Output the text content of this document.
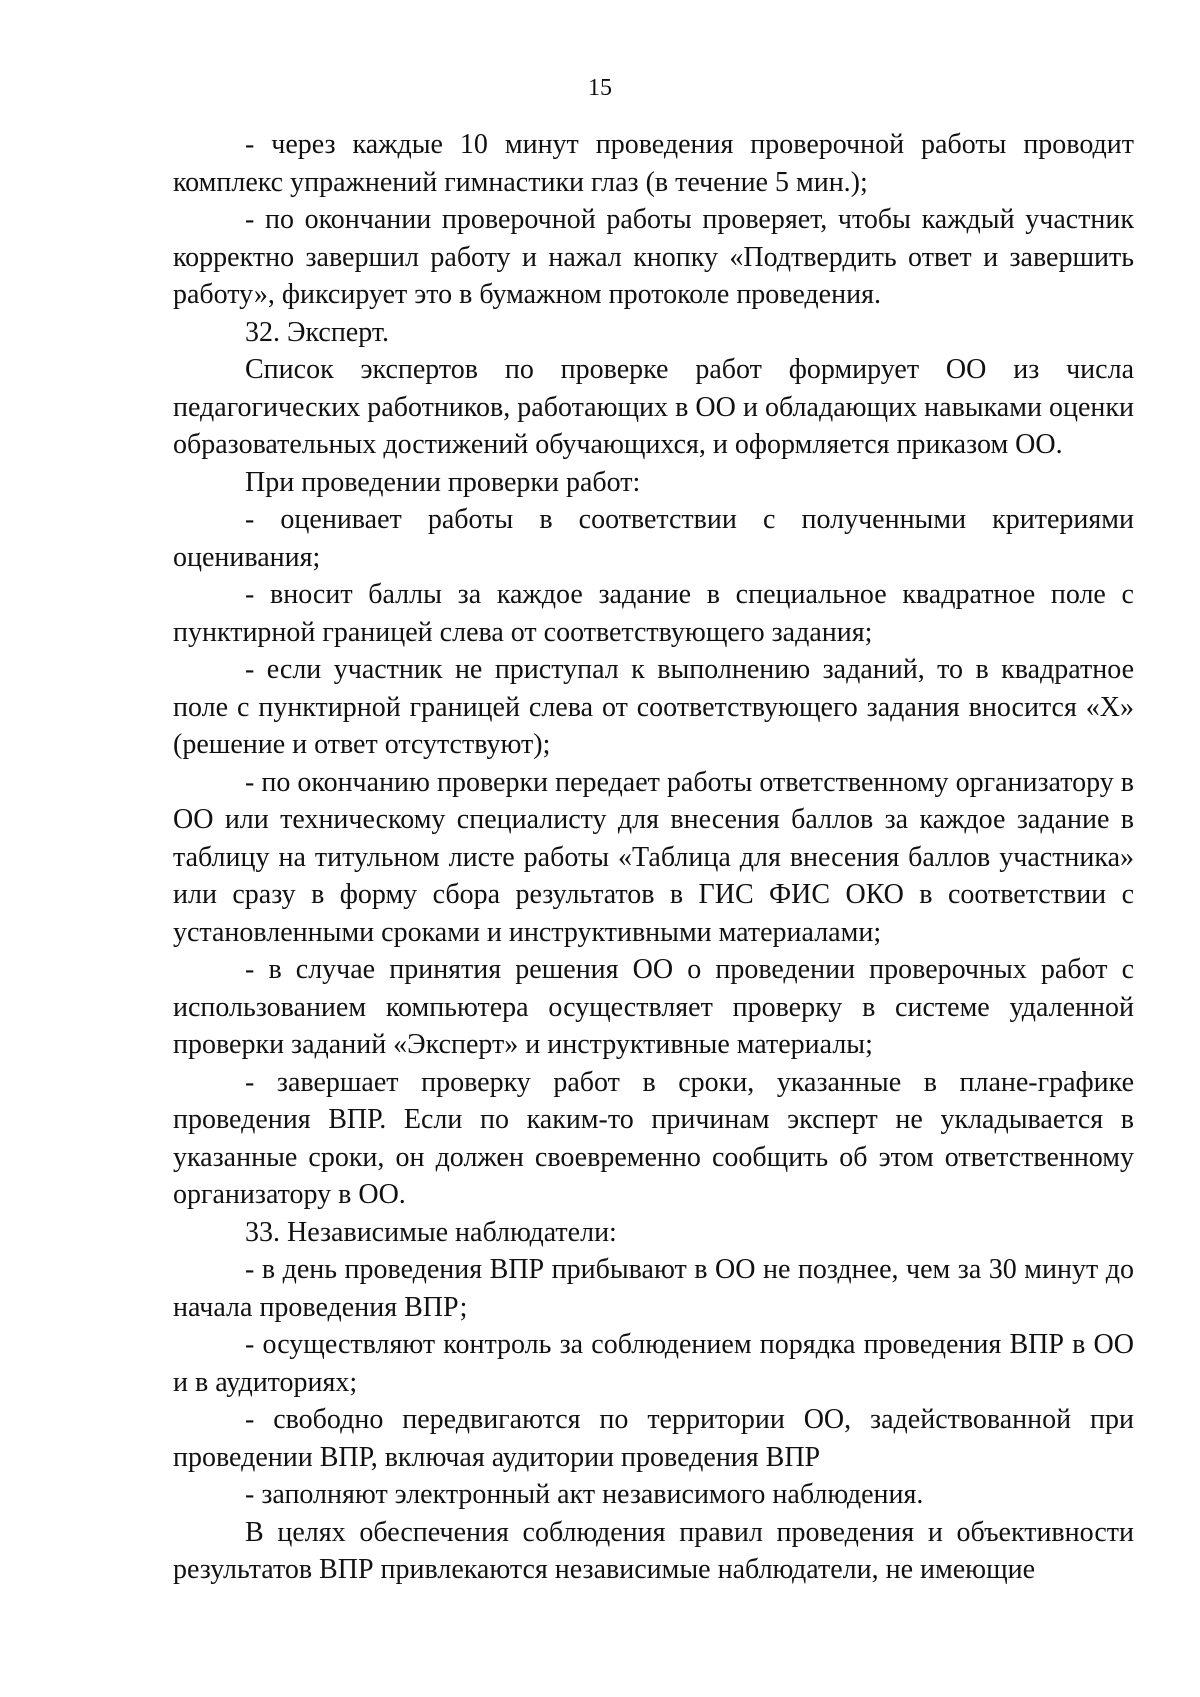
15

- через каждые 10 минут проведения проверочной работы проводит комплекс упражнений гимнастики глаз (в течение 5 мин.);

- по окончании проверочной работы проверяет, чтобы каждый участник корректно завершил работу и нажал кнопку «Подтвердить ответ и завершить работу», фиксирует это в бумажном протоколе проведения.

32. Эксперт.

Список экспертов по проверке работ формирует ОО из числа педагогических работников, работающих в ОО и обладающих навыками оценки образовательных достижений обучающихся, и оформляется приказом ОО.

При проведении проверки работ:

- оценивает работы в соответствии с полученными критериями оценивания;

- вносит баллы за каждое задание в специальное квадратное поле с пунктирной границей слева от соответствующего задания;

- если участник не приступал к выполнению заданий, то в квадратное поле с пунктирной границей слева от соответствующего задания вносится «Х» (решение и ответ отсутствуют);

- по окончанию проверки передает работы ответственному организатору в ОО или техническому специалисту для внесения баллов за каждое задание в таблицу на титульном листе работы «Таблица для внесения баллов участника» или сразу в форму сбора результатов в ГИС ФИС ОКО в соответствии с установленными сроками и инструктивными материалами;

- в случае принятия решения ОО о проведении проверочных работ с использованием компьютера осуществляет проверку в системе удаленной проверки заданий «Эксперт» и инструктивные материалы;

- завершает проверку работ в сроки, указанные в плане-графике проведения ВПР. Если по каким-то причинам эксперт не укладывается в указанные сроки, он должен своевременно сообщить об этом ответственному организатору в ОО.

33. Независимые наблюдатели:

- в день проведения ВПР прибывают в ОО не позднее, чем за 30 минут до начала проведения ВПР;

- осуществляют контроль за соблюдением порядка проведения ВПР в ОО и в аудиториях;

- свободно передвигаются по территории ОО, задействованной при проведении ВПР, включая аудитории проведения ВПР

- заполняют электронный акт независимого наблюдения.

В целях обеспечения соблюдения правил проведения и объективности результатов ВПР привлекаются независимые наблюдатели, не имеющие
